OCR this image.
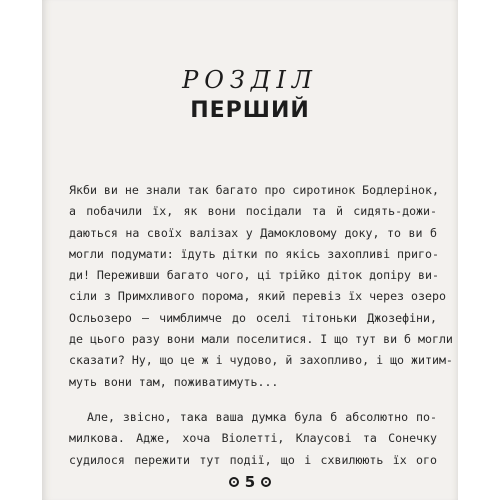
РОЗДІЛ
ПЕРШИЙ
Якби ви не знали так багато про сиротинок Бодлерінок,
а побачили їх, як вони посідали та й сидять-дожи-
даються на своїх валізах у Дамокловому доку, то ви б
могли подумати: їдуть дітки по якісь захопливі приго-
ди! Переживши багато чого, ці трійко діток допіру ви-
сіли з Примхливого порома, який перевіз їх через озеро
Осльозеро — чимблимче до оселі тітоньки Джозефіни,
де цього разу вони мали поселитися. І що тут ви б могли
сказати? Ну, що це ж і чудово, й захопливо, і що житим-
муть вони там, поживатимуть...
Але, звісно, така ваша думка була б абсолютно по-
милкова. Адже, хоча Віолетті, Клаусові та Сонечку
судилося пережити тут події, що і схвилюють їх ого
5
